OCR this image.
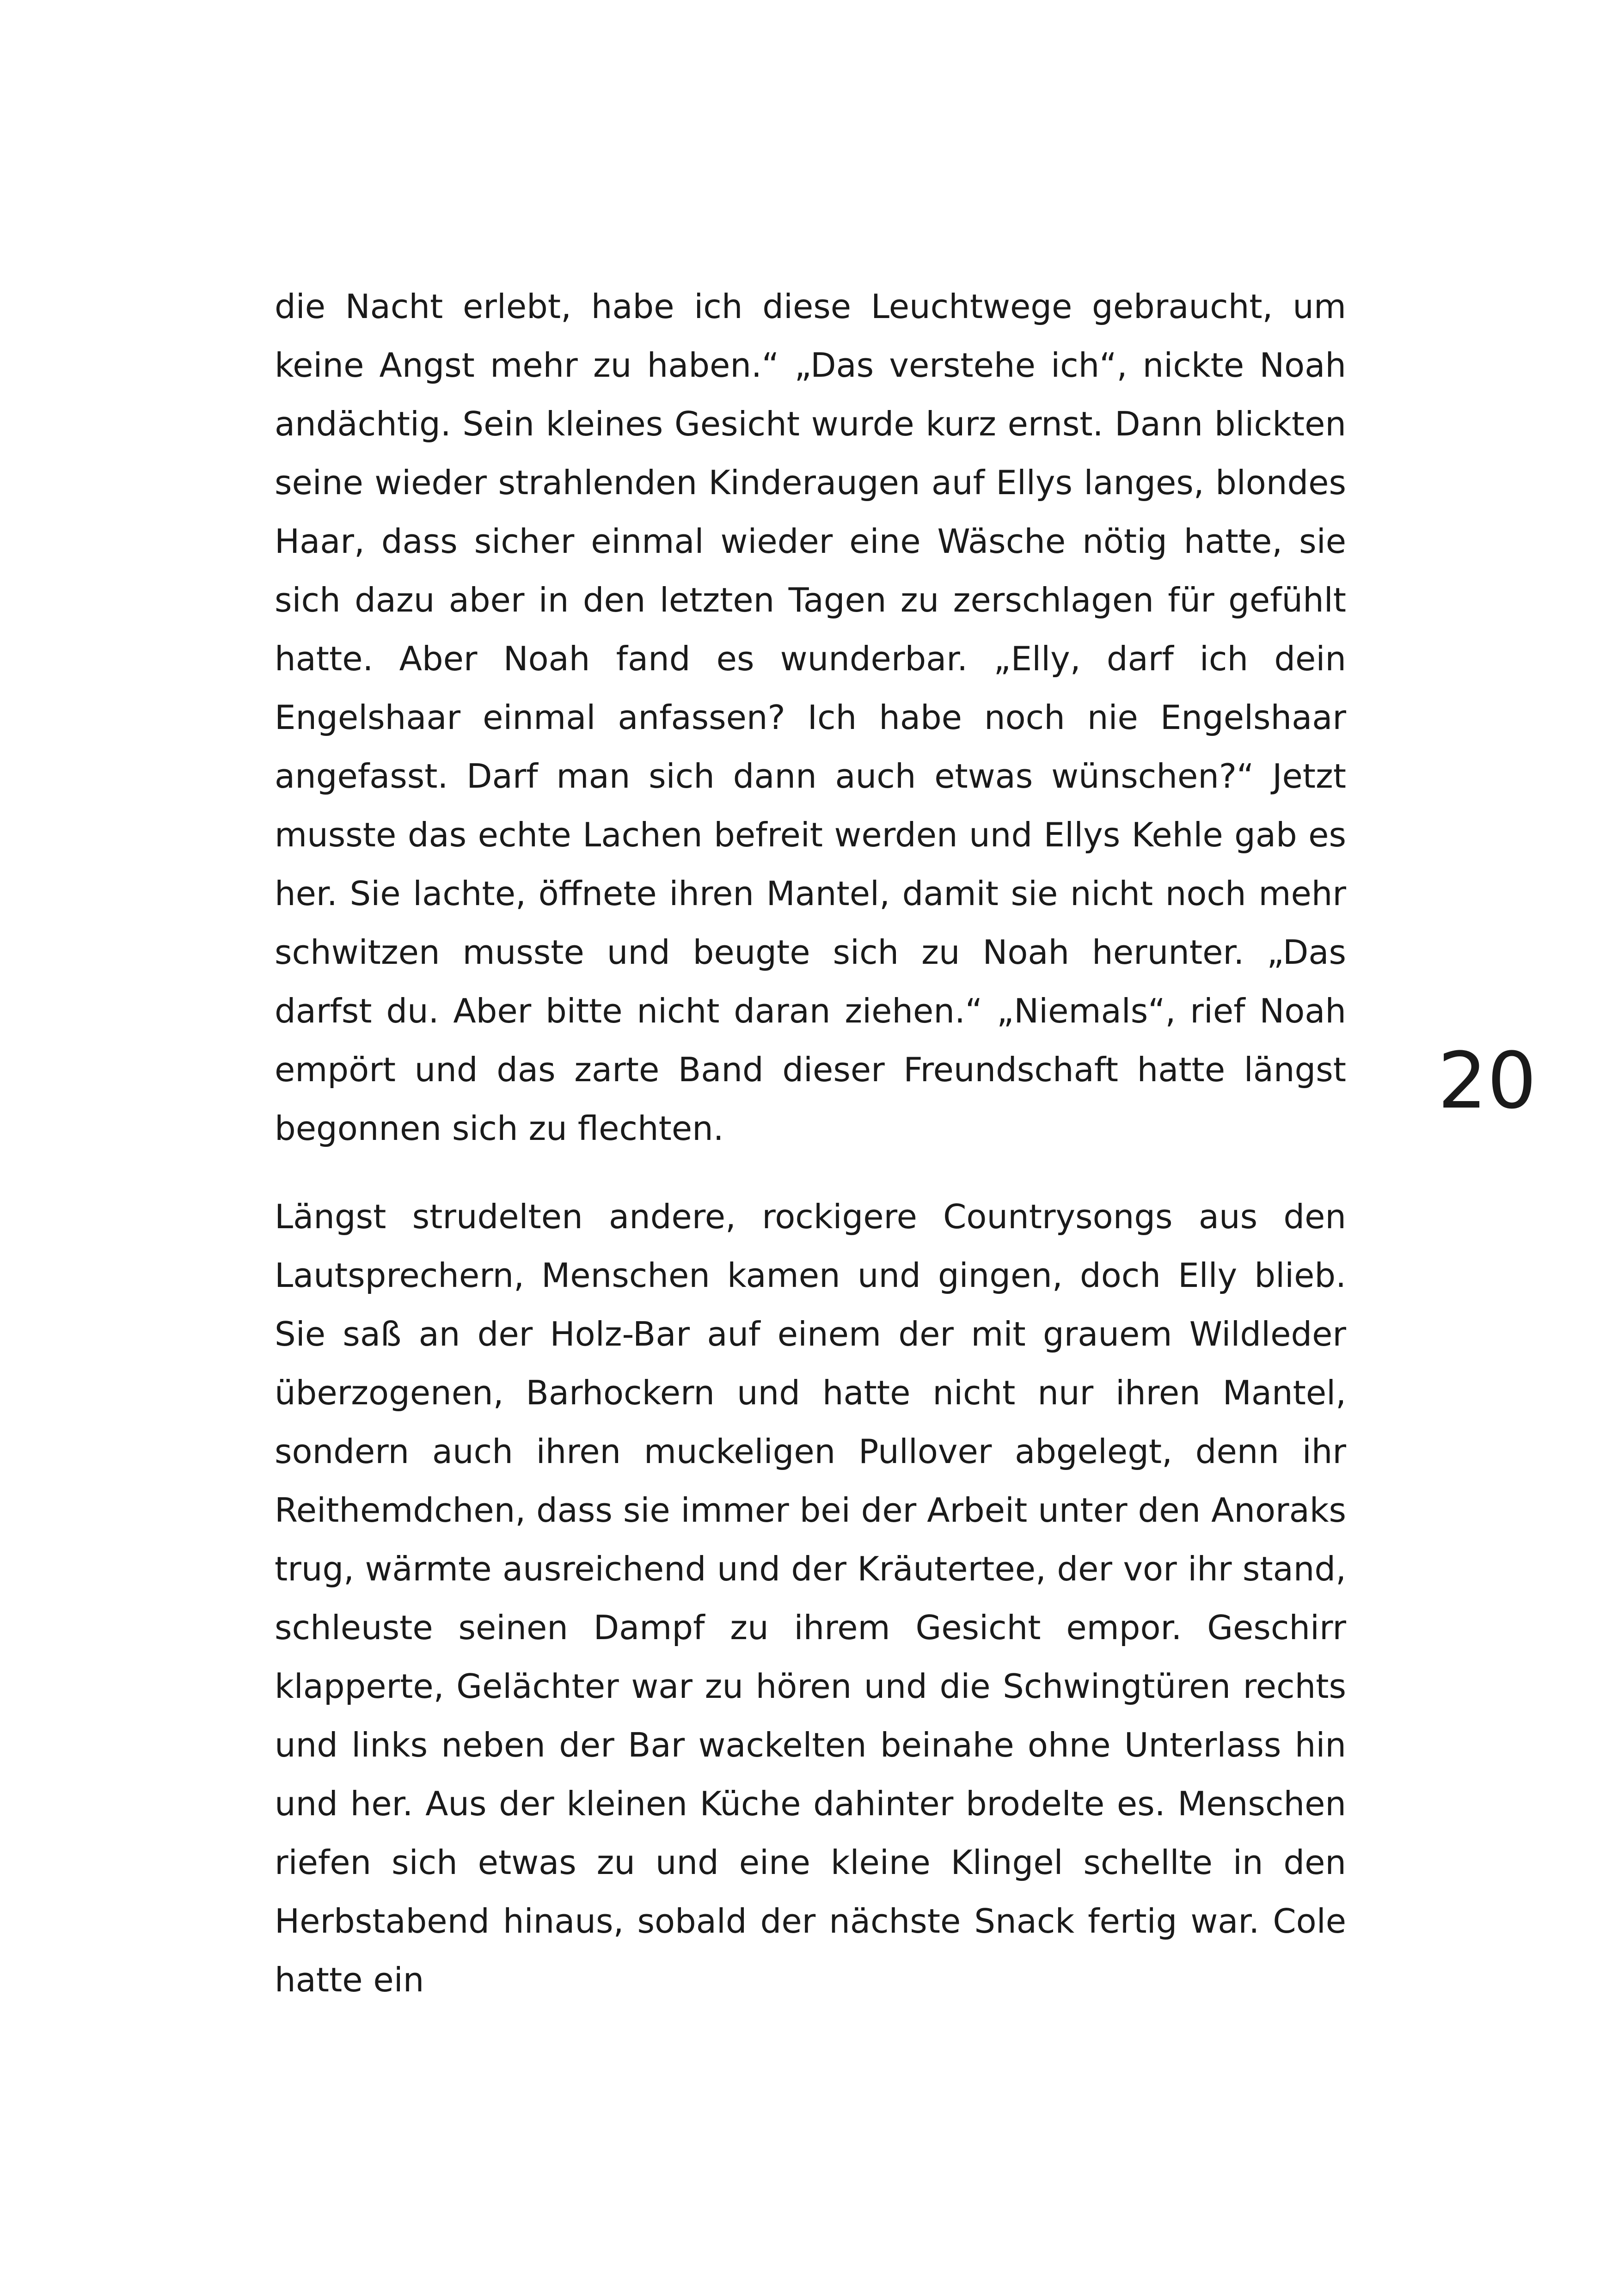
die Nacht erlebt, habe ich diese Leuchtwege gebraucht, um keine Angst mehr zu haben.“ „Das verstehe ich“, nickte Noah andächtig. Sein kleines Gesicht wurde kurz ernst. Dann blickten seine wieder strahlenden Kinderaugen auf Ellys langes, blondes Haar, dass sicher einmal wieder eine Wäsche nötig hatte, sie sich dazu aber in den letzten Tagen zu zerschlagen für gefühlt hatte. Aber Noah fand es wunderbar. „Elly, darf ich dein Engelshaar einmal anfassen? Ich habe noch nie Engelshaar angefasst. Darf man sich dann auch etwas wünschen?“ Jetzt musste das echte Lachen befreit werden und Ellys Kehle gab es her. Sie lachte, öffnete ihren Mantel, damit sie nicht noch mehr schwitzen musste und beugte sich zu Noah herunter. „Das darfst du. Aber bitte nicht daran ziehen.“ „Niemals“, rief Noah empört und das zarte Band dieser Freundschaft hatte längst begonnen sich zu flechten.

Längst strudelten andere, rockigere Countrysongs aus den Lautsprechern, Menschen kamen und gingen, doch Elly blieb. Sie saß an der Holz-Bar auf einem der mit grauem Wildleder überzogenen, Barhockern und hatte nicht nur ihren Mantel, sondern auch ihren muckeligen Pullover abgelegt, denn ihr Reithemdchen, dass sie immer bei der Arbeit unter den Anoraks trug, wärmte ausreichend und der Kräutertee, der vor ihr stand, schleuste seinen Dampf zu ihrem Gesicht empor. Geschirr klapperte, Gelächter war zu hören und die Schwingtüren rechts und links neben der Bar wackelten beinahe ohne Unterlass hin und her. Aus der kleinen Küche dahinter brodelte es. Menschen riefen sich etwas zu und eine kleine Klingel schellte in den Herbstabend hinaus, sobald der nächste Snack fertig war. Cole hatte ein

20
